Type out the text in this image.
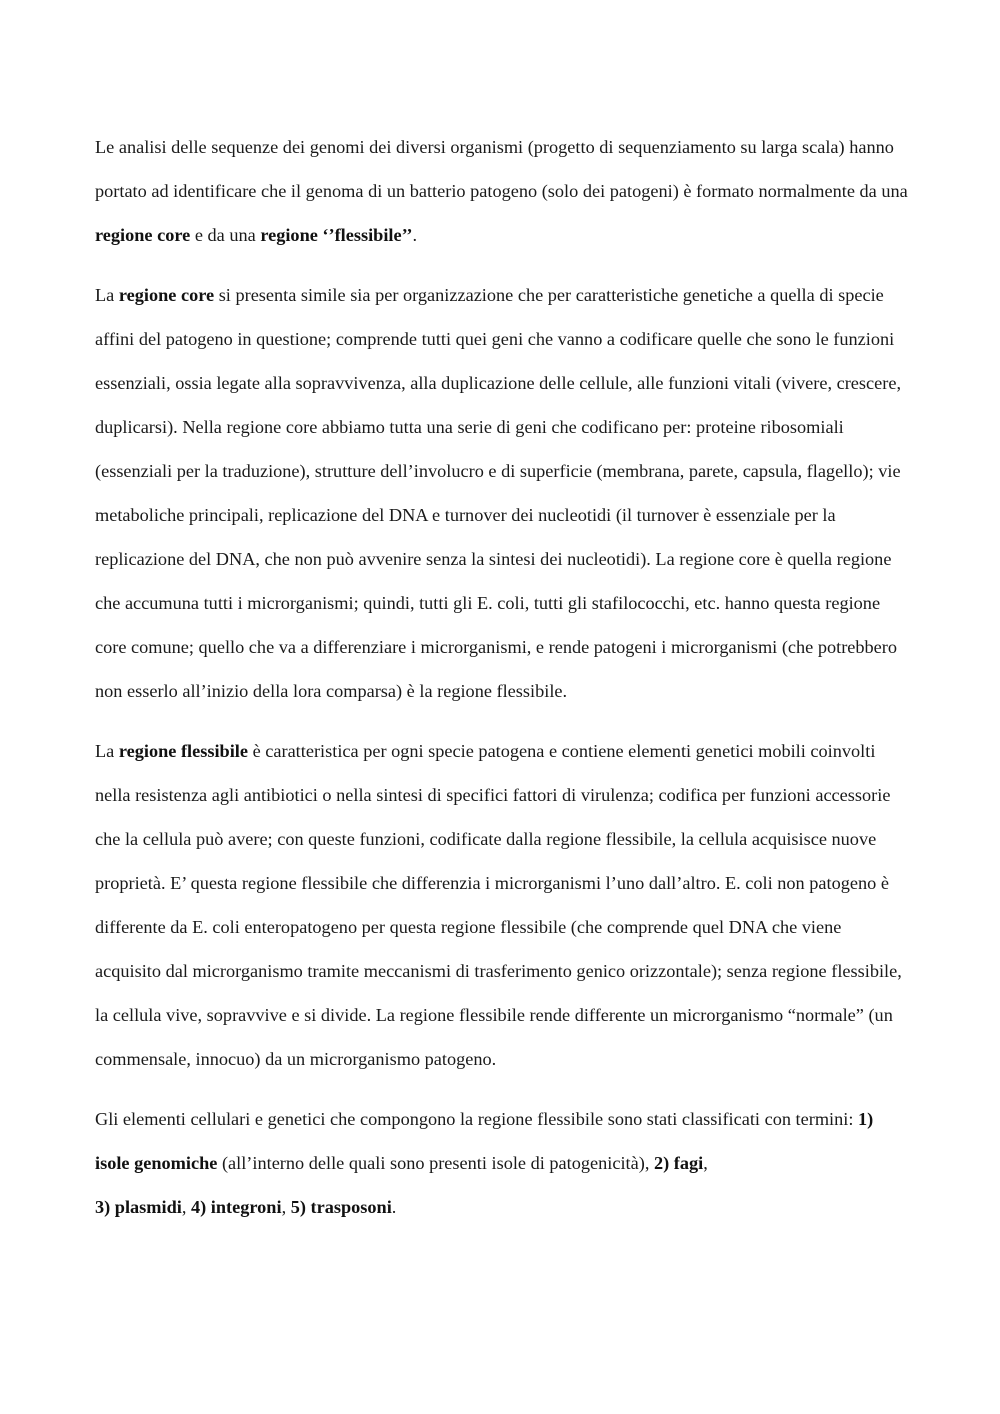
Le analisi delle sequenze dei genomi dei diversi organismi (progetto di sequenziamento su larga scala) hanno portato ad identificare che il genoma di un batterio patogeno (solo dei patogeni) è formato normalmente da una regione core e da una regione ‘’flessibile’’.

La regione core si presenta simile sia per organizzazione che per caratteristiche genetiche a quella di specie affini del patogeno in questione; comprende tutti quei geni che vanno a codificare quelle che sono le funzioni essenziali, ossia legate alla sopravvivenza, alla duplicazione delle cellule, alle funzioni vitali (vivere, crescere, duplicarsi). Nella regione core abbiamo tutta una serie di geni che codificano per: proteine ribosomiali (essenziali per la traduzione), strutture dell’involucro e di superficie (membrana, parete, capsula, flagello); vie metaboliche principali, replicazione del DNA e turnover dei nucleotidi (il turnover è essenziale per la replicazione del DNA, che non può avvenire senza la sintesi dei nucleotidi). La regione core è quella regione che accumuna tutti i microrganismi; quindi, tutti gli E. coli, tutti gli stafilococchi, etc. hanno questa regione core comune; quello che va a differenziare i microrganismi, e rende patogeni i microrganismi (che potrebbero non esserlo all’inizio della lora comparsa) è la regione flessibile.

La regione flessibile è caratteristica per ogni specie patogena e contiene elementi genetici mobili coinvolti nella resistenza agli antibiotici o nella sintesi di specifici fattori di virulenza; codifica per funzioni accessorie che la cellula può avere; con queste funzioni, codificate dalla regione flessibile, la cellula acquisisce nuove proprietà. E’ questa regione flessibile che differenzia i microrganismi l’uno dall’altro. E. coli non patogeno è differente da E. coli enteropatogeno per questa regione flessibile (che comprende quel DNA che viene acquisito dal microrganismo tramite meccanismi di trasferimento genico orizzontale); senza regione flessibile, la cellula vive, sopravvive e si divide. La regione flessibile rende differente un microrganismo “normale” (un commensale, innocuo) da un microrganismo patogeno.

Gli elementi cellulari e genetici che compongono la regione flessibile sono stati classificati con termini: 1) isole genomiche (all’interno delle quali sono presenti isole di patogenicità), 2) fagi,
3) plasmidi, 4) integroni, 5) trasposoni.
